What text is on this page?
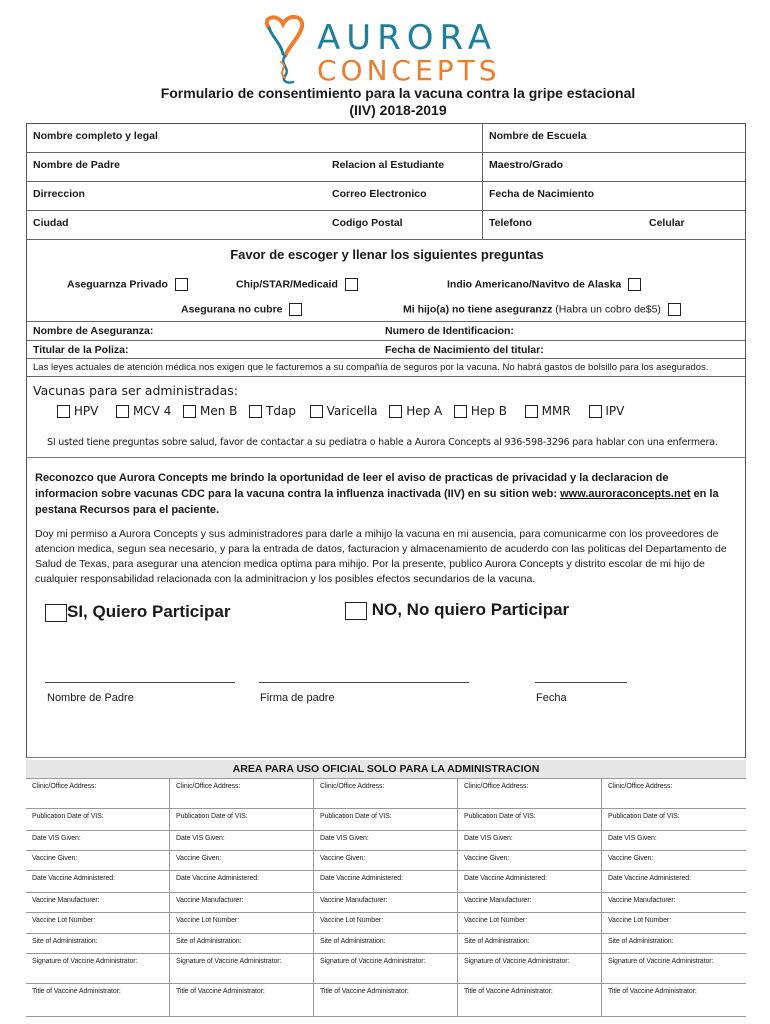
AURORA
CONCEPTS
Formulario de consentimiento para la vacuna contra la gripe estacional
(IIV) 2018-2019
Nombre completo y legal	Nombre de Escuela
Nombre de Padre	Relacion al Estudiante	Maestro/Grado
Dirreccion	Correo Electronico	Fecha de Nacimiento
Ciudad	Codigo Postal	Telefono	Celular
Favor de escoger y llenar los siguientes preguntas
Aseguarnza Privado	Chip/STAR/Medicaid	Indio Americano/Navitvo de Alaska
Asegurana no cubre	Mi hijo(a) no tiene aseguranzz (Habra un cobro de$5)
Nombre de Aseguranza:	Numero de Identificacion:
Titular de la Poliza:	Fecha de Nacimiento del titular:
Las leyes actuales de atención médica nos exigen que le facturemos a su compañía de seguros por la vacuna. No habrá gastos de bolsillo para los asegurados.
Vacunas para ser administradas:
HPV	MCV 4 Men B Tdap	Varicella Hep A Hep B	MMR	IPV
SI usted tiene preguntas sobre salud, favor de contactar a su pediatra o hable a Aurora Concepts al 936-598-3296 para hablar con una enfermera.
Reconozco que Aurora Concepts me brindo la oportunidad de leer el aviso de practicas de privacidad y la declaracion de informacion sobre vacunas CDC para la vacuna contra la influenza inactivada (IIV) en su sition web: www.auroraconcepts.net en la pestana Recursos para el paciente.
Doy mi permiso a Aurora Concepts y sus administradores para darle a mihijo la vacuna en mi ausencia, para comunicarme con los proveedores de atencion medica, segun sea necesario, y para la entrada de datos, facturacion y almacenamiento de acuderdo con las politicas del Departamento de Salud de Texas, para asegurar una atencion medica optima para mihijo. Por la presente, publico Aurora Concepts y distrito escolar de mi hijo de cualquier responsabilidad relacionada con la adminitracion y los posibles efectos secundarios de la vacuna.
SI, Quiero Participar	NO, No quiero Participar
Nombre de Padre	Firma de padre	Fecha
AREA PARA USO OFICIAL SOLO PARA LA ADMINISTRACION
Clinic/Office Address:	Clinic/Office Address:	Clinic/Office Address:	Clinic/Office Address:	Clinic/Office Address:
Publication Date of VIS:	Publication Date of VIS:	Publication Date of VIS:	Publication Date of VIS:	Publication Date of VIS:
Date VIS Given:	Date VIS Given:	Date VIS Given:	Date VIS Given:	Date VIS Given:
Vaccine Given:	Vaccine Given:	Vaccine Given:	Vaccine Given:	Vaccine Given:
Date Vaccine Administered:	Date Vaccine Administered:	Date Vaccine Administered:	Date Vaccine Administered:	Date Vaccine Administered:
Vaccine Manufacturer:	Vaccine Manufacturer:	Vaccine Manufacturer:	Vaccine Manufacturer:	Vaccine Manufacturer:
Vaccine Lot Number:	Vaccine Lot Number:	Vaccine Lot Number:	Vaccine Lot Number:	Vaccine Lot Number:
Site of Administration:	Site of Administration:	Site of Administration:	Site of Administration:	Site of Administration:
Signature of Vaccine Administrator:	Signature of Vaccine Administrator:	Signature of Vaccine Administrator:	Signature of Vaccine Administrator:	Signature of Vaccine Administrator:
Title of Vaccine Administrator:	Title of Vaccine Administrator:	Title of Vaccine Administrator:	Title of Vaccine Administrator:	Title of Vaccine Administrator:
